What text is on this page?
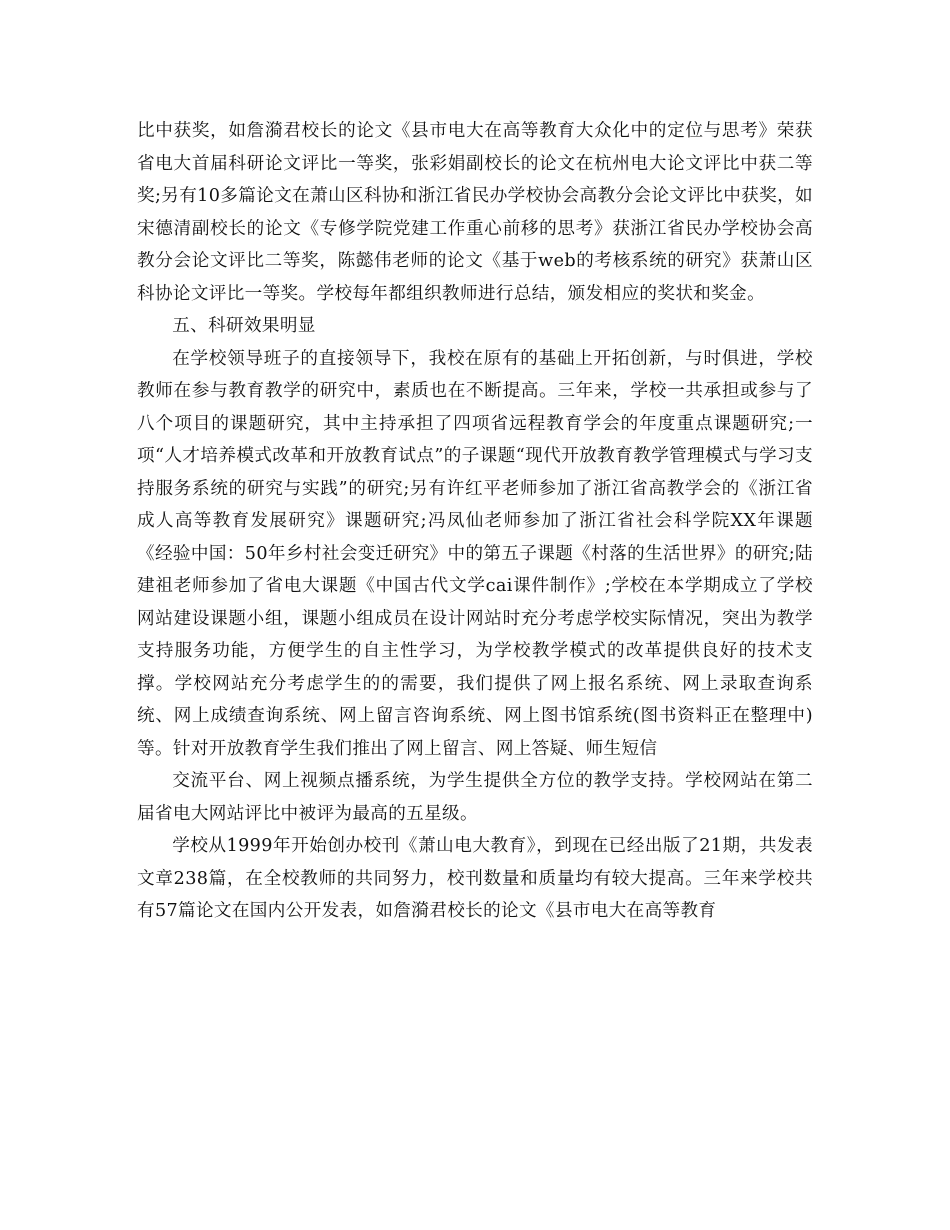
比中获奖，如詹漪君校长的论文《县市电大在高等教育大众化中的定位与思考》荣获省电大首届科研论文评比一等奖，张彩娟副校长的论文在杭州电大论文评比中获二等奖;另有10多篇论文在萧山区科协和浙江省民办学校协会高教分会论文评比中获奖，如宋德清副校长的论文《专修学院党建工作重心前移的思考》获浙江省民办学校协会高教分会论文评比二等奖，陈懿伟老师的论文《基于web的考核系统的研究》获萧山区科协论文评比一等奖。学校每年都组织教师进行总结，颁发相应的奖状和奖金。

五、科研效果明显

在学校领导班子的直接领导下，我校在原有的基础上开拓创新，与时俱进，学校教师在参与教育教学的研究中，素质也在不断提高。三年来，学校一共承担或参与了八个项目的课题研究，其中主持承担了四项省远程教育学会的年度重点课题研究;一项“人才培养模式改革和开放教育试点”的子课题“现代开放教育教学管理模式与学习支持服务系统的研究与实践”的研究;另有许红平老师参加了浙江省高教学会的《浙江省成人高等教育发展研究》课题研究;冯凤仙老师参加了浙江省社会科学院XX年课题《经验中国：50年乡村社会变迁研究》中的第五子课题《村落的生活世界》的研究;陆建祖老师参加了省电大课题《中国古代文学cai课件制作》;学校在本学期成立了学校网站建设课题小组，课题小组成员在设计网站时充分考虑学校实际情况，突出为教学支持服务功能，方便学生的自主性学习，为学校教学模式的改革提供良好的技术支撑。学校网站充分考虑学生的的需要，我们提供了网上报名系统、网上录取查询系统、网上成绩查询系统、网上留言咨询系统、网上图书馆系统(图书资料正在整理中)等。针对开放教育学生我们推出了网上留言、网上答疑、师生短信

交流平台、网上视频点播系统，为学生提供全方位的教学支持。学校网站在第二届省电大网站评比中被评为最高的五星级。

学校从1999年开始创办校刊《萧山电大教育》，到现在已经出版了21期，共发表文章238篇，在全校教师的共同努力，校刊数量和质量均有较大提高。三年来学校共有57篇论文在国内公开发表，如詹漪君校长的论文《县市电大在高等教育
